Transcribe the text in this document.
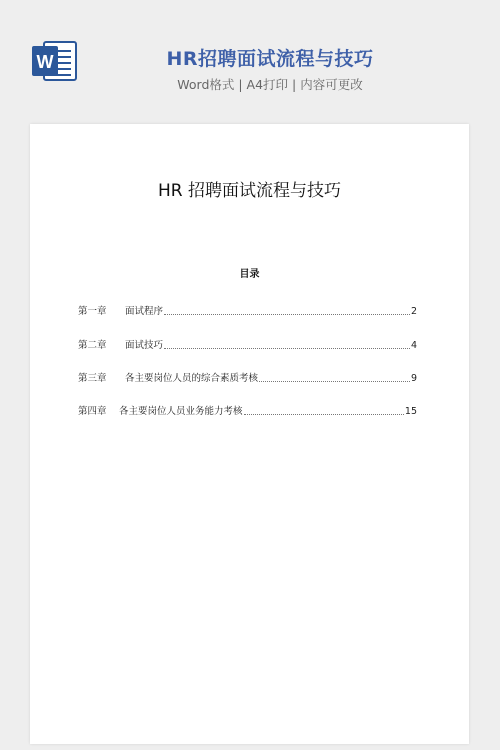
W	HR招聘面试流程与技巧
Word格式 | A4打印 | 内容可更改
HR 招聘面试流程与技巧
目录
第一章	面试程序	2
第二章	面试技巧	4
第三章	各主要岗位人员的综合素质考核	9
第四章	各主要岗位人员业务能力考核	15
